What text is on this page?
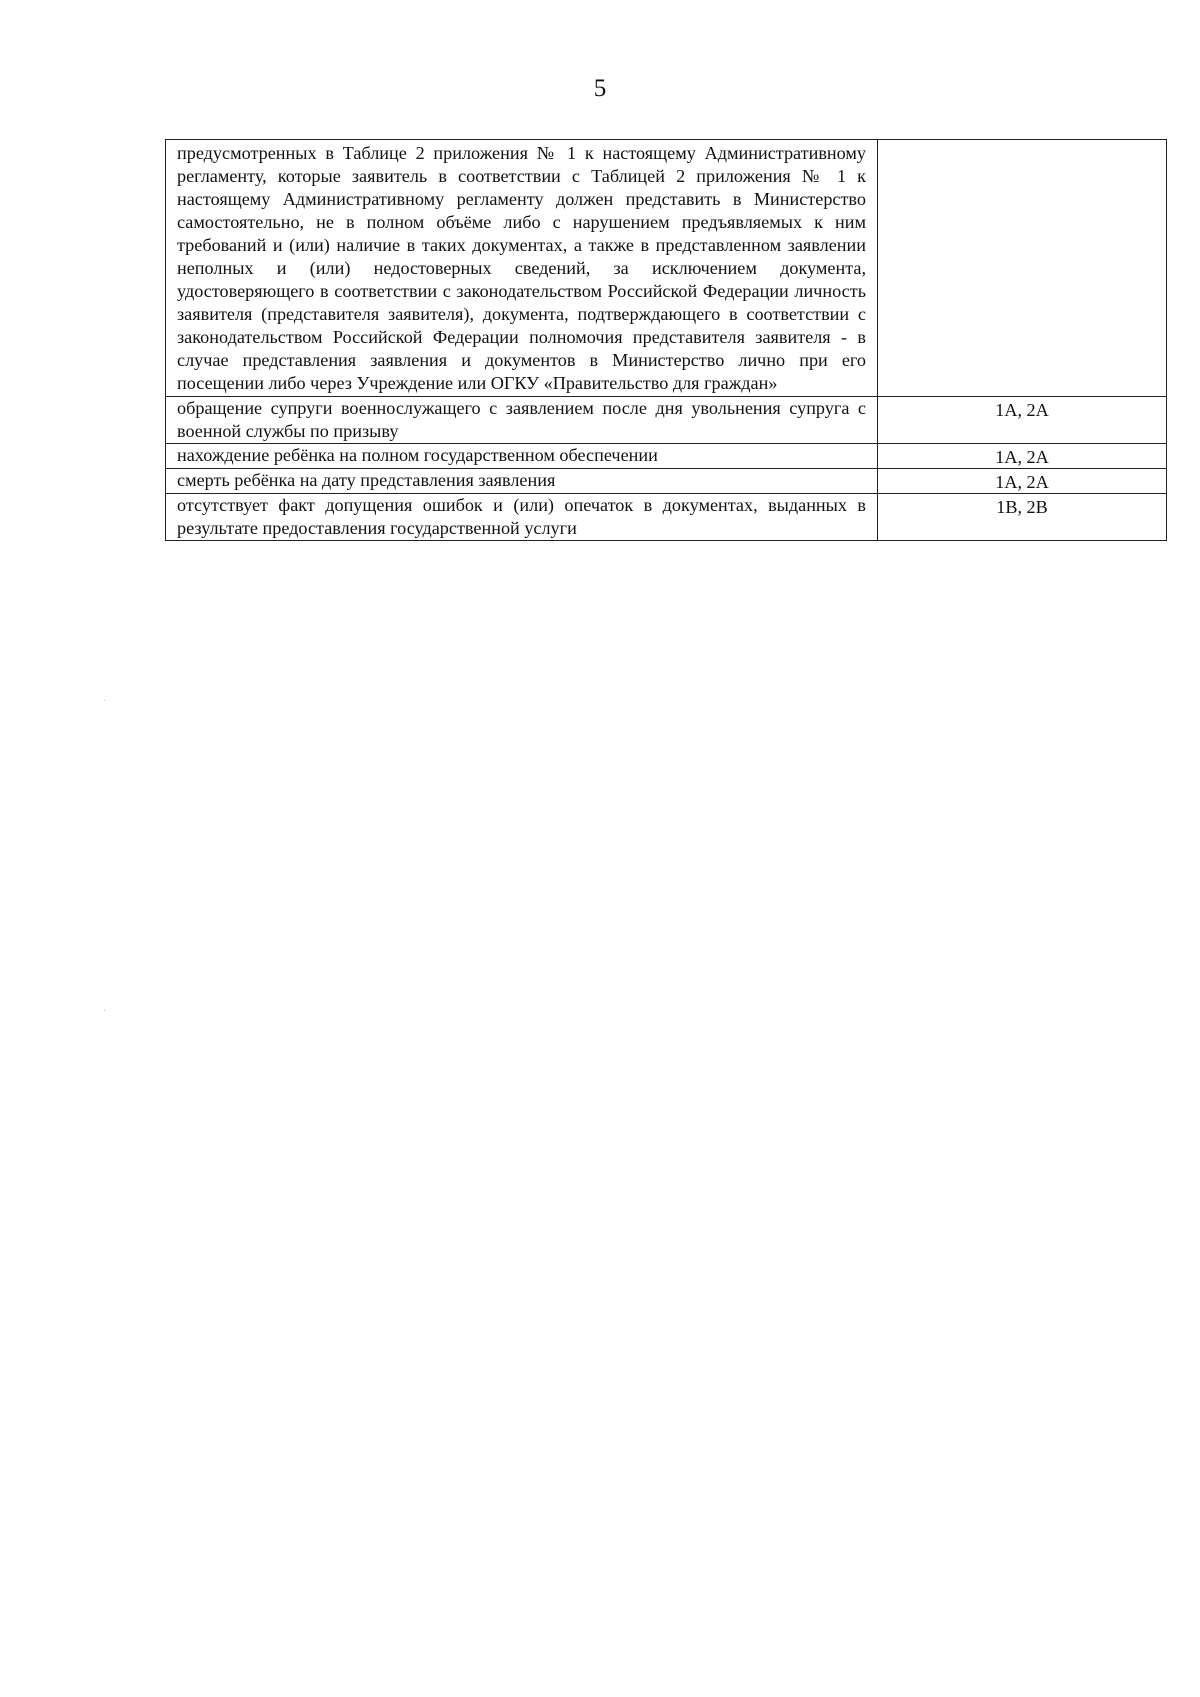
5
предусмотренных в Таблице 2 приложения № 1 к настоящему Административному регламенту, которые заявитель в соответствии с Таблицей 2 приложения № 1 к настоящему Административному регламенту должен представить в Министерство самостоятельно, не в полном объёме либо с нарушением предъявляемых к ним требований и (или) наличие в таких документах, а также в представленном заявлении неполных и (или) недостоверных сведений, за исключением документа, удостоверяющего в соответствии с законодательством Российской Федерации личность заявителя (представителя заявителя), документа, подтверждающего в соответствии с законодательством Российской Федерации полномочия представителя заявителя - в случае представления заявления и документов в Министерство лично при его посещении либо через Учреждение или ОГКУ «Правительство для граждан»	
обращение супруги военнослужащего с заявлением после дня увольнения супруга с военной службы по призыву	1А, 2А
нахождение ребёнка на полном государственном обеспечении	1А, 2А
смерть ребёнка на дату представления заявления	1А, 2А
отсутствует факт допущения ошибок и (или) опечаток в документах, выданных в результате предоставления государственной услуги	1В, 2В
